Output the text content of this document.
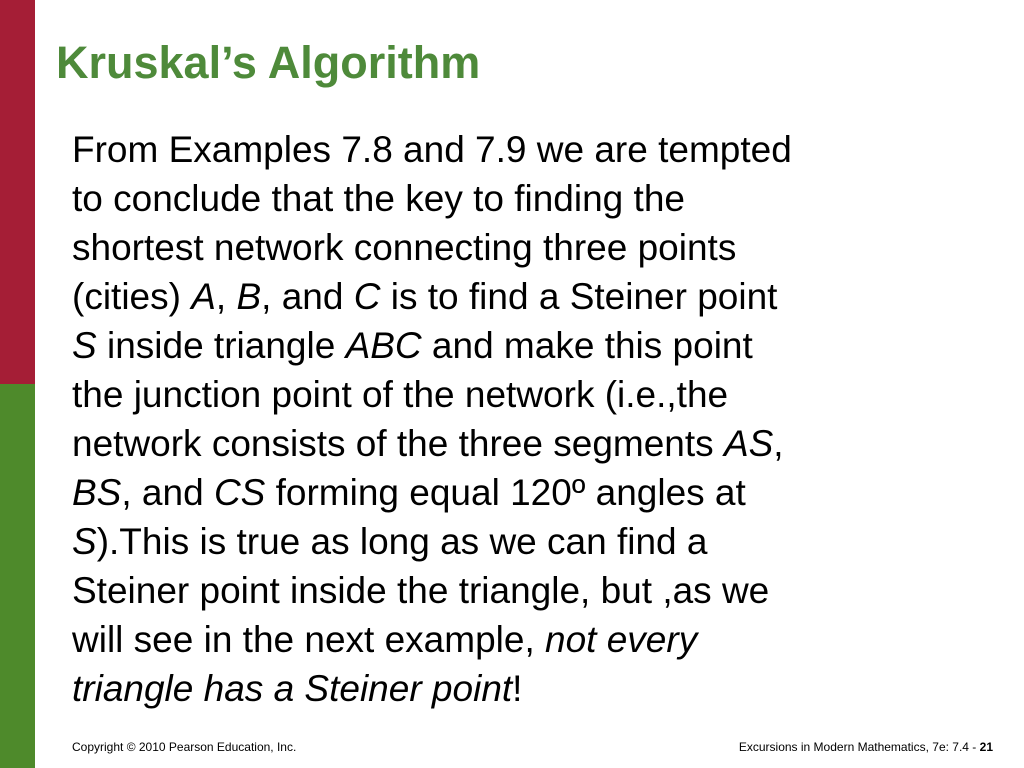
Kruskal’s Algorithm
From Examples 7.8 and 7.9 we are tempted
to conclude that the key to finding the
shortest network connecting three points
(cities) A, B, and C is to find a Steiner point
S inside triangle ABC and make this point
the junction point of the network (i.e.,the
network consists of the three segments AS,
BS, and CS forming equal 120º angles at
S).This is true as long as we can find a
Steiner point inside the triangle, but ,as we
will see in the next example, not every
triangle has a Steiner point!
Copyright © 2010 Pearson Education, Inc.	Excursions in Modern Mathematics, 7e: 7.4 - 21
